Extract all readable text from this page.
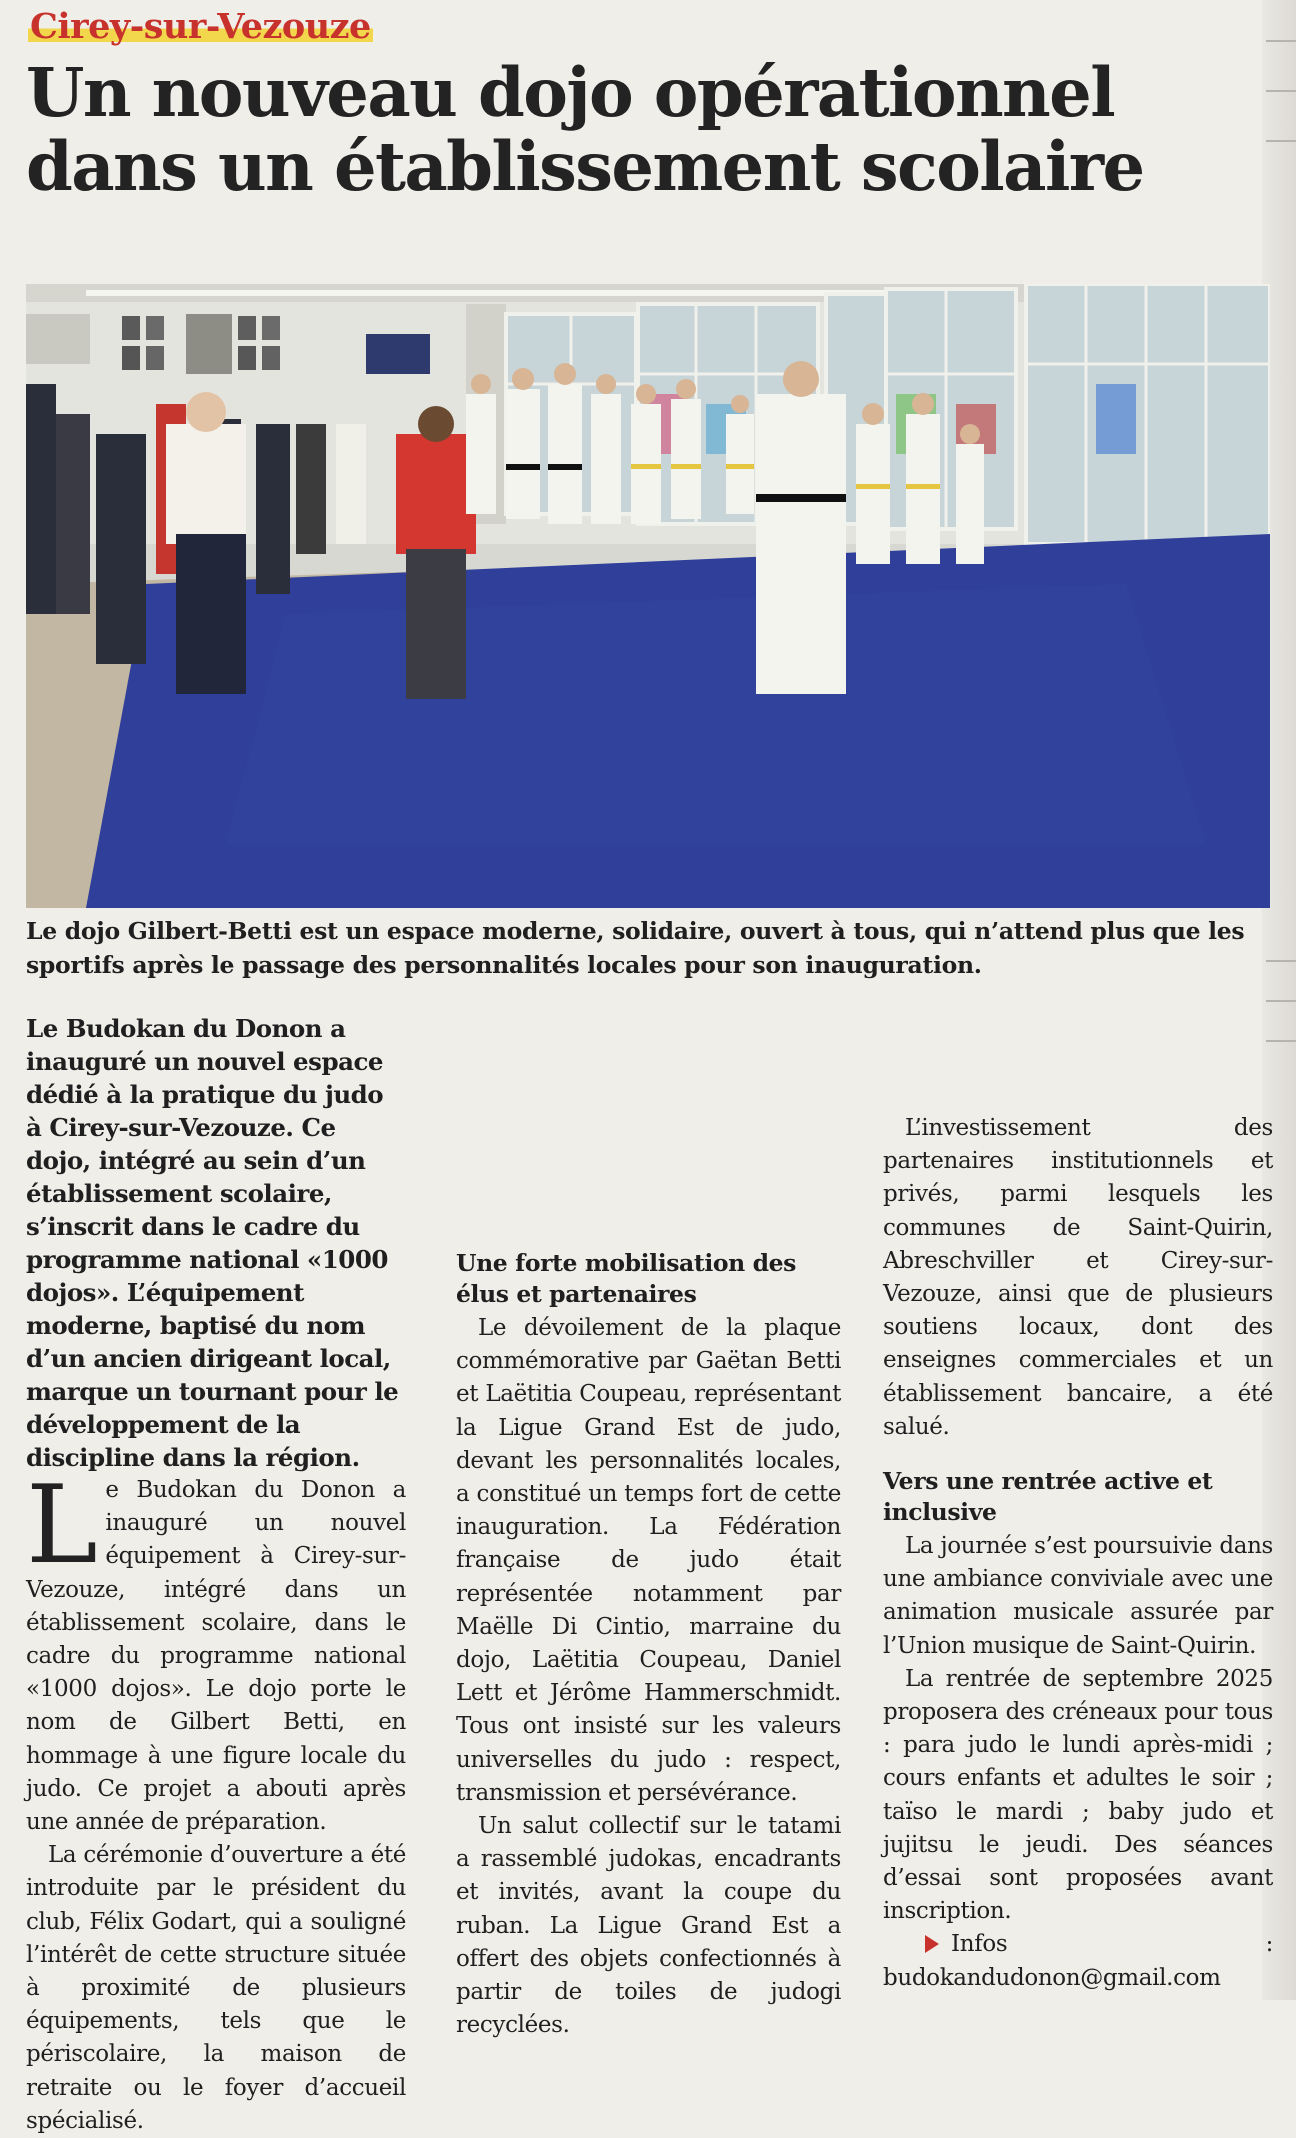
Cirey-sur-Vezouze
Un nouveau dojo opérationnel dans un établissement scolaire

Le dojo Gilbert-Betti est un espace moderne, solidaire, ouvert à tous, qui n’attend plus que les sportifs après le passage des personnalités locales pour son inauguration.

Le Budokan du Donon a inauguré un nouvel espace dédié à la pratique du judo à Cirey-sur-Vezouze. Ce dojo, intégré au sein d’un établissement scolaire, s’inscrit dans le cadre du programme national «1000 dojos». L’équipement moderne, baptisé du nom d’un ancien dirigeant local, marque un tournant pour le développement de la discipline dans la région.

L e Budokan du Donon a inauguré un nouvel équipement à Cirey-sur-Vezouze, intégré dans un établissement scolaire, dans le cadre du programme national «1000 dojos». Le dojo porte le nom de Gilbert Betti, en hommage à une figure locale du judo. Ce projet a abouti après une année de préparation.

La cérémonie d’ouverture a été introduite par le président du club, Félix Godart, qui a souligné l’intérêt de cette structure située à proximité de plusieurs équipements, tels que le périscolaire, la maison de retraite ou le foyer d’accueil spécialisé.

Une forte mobilisation des élus et partenaires

Le dévoilement de la plaque commémorative par Gaëtan Betti et Laëtitia Coupeau, représentant la Ligue Grand Est de judo, devant les personnalités locales, a constitué un temps fort de cette inauguration. La Fédération française de judo était représentée notamment par Maëlle Di Cintio, marraine du dojo, Laëtitia Coupeau, Daniel Lett et Jérôme Hammerschmidt. Tous ont insisté sur les valeurs universelles du judo : respect, transmission et persévérance.

Un salut collectif sur le tatami a rassemblé judokas, encadrants et invités, avant la coupe du ruban. La Ligue Grand Est a offert des objets confectionnés à partir de toiles de judogi recyclées.

L’investissement des partenaires institutionnels et privés, parmi lesquels les communes de Saint-Quirin, Abreschviller et Cirey-sur-Vezouze, ainsi que de plusieurs soutiens locaux, dont des enseignes commerciales et un établissement bancaire, a été salué.

Vers une rentrée active et inclusive

La journée s’est poursuivie dans une ambiance conviviale avec une animation musicale assurée par l’Union musique de Saint-Quirin.

La rentrée de septembre 2025 proposera des créneaux pour tous : para judo le lundi après-midi ; cours enfants et adultes le soir ; taïso le mardi ; baby judo et jujitsu le jeudi. Des séances d’essai sont proposées avant inscription.

Infos : budokandudonon@gmail.com
